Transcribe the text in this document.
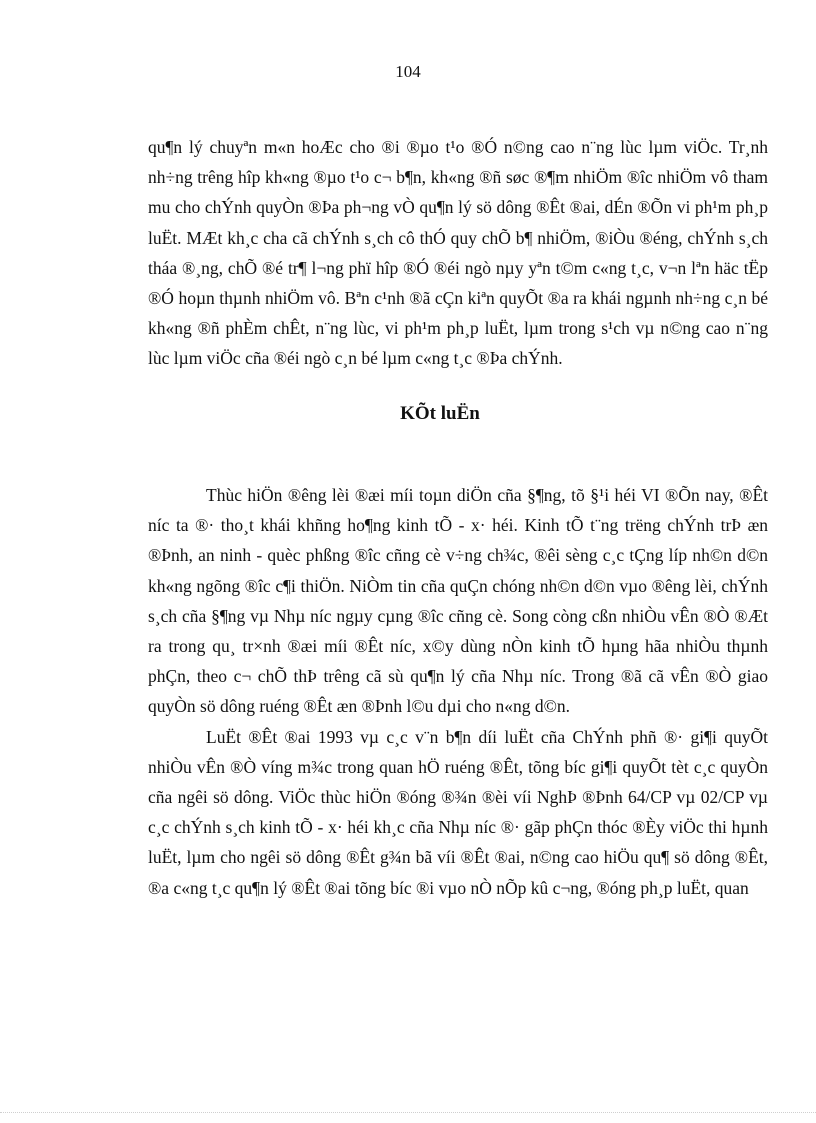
104

qu¶n lý chuyªn m«n hoÆc cho ®i ®µo t¹o ®Ó n©ng cao n¨ng lùc lµm viÖc. Tr¸nh nh÷ng trêng hîp kh«ng ®µo t¹o c¬ b¶n, kh«ng ®ñ søc ®¶m nhiÖm ®îc nhiÖm vô tham mu cho chÝnh quyÒn ®Þa ph¬ng vÒ qu¶n lý sö dông ®Êt ®ai, dÉn ®Õn vi ph¹m ph¸p luËt. MÆt kh¸c cha cã chÝnh s¸ch cô thÓ quy chÕ b¶ nhiÖm, ®iÒu ®éng, chÝnh s¸ch tháa ®¸ng, chÕ ®é tr¶ l¬ng phï hîp ®Ó ®éi ngò nµy yªn t©m c«ng t¸c, v¬n lªn häc tËp ®Ó hoµn thµnh nhiÖm vô. Bªn c¹nh ®ã cÇn kiªn quyÕt ®a ra khái ngµnh nh÷ng c¸n bé kh«ng ®ñ phÈm chÊt, n¨ng lùc, vi ph¹m ph¸p luËt, lµm trong s¹ch vµ n©ng cao n¨ng lùc lµm viÖc cña ®éi ngò c¸n bé lµm c«ng t¸c ®Þa chÝnh.

KÕt luËn

Thùc hiÖn ®êng lèi ®æi míi toµn diÖn cña §¶ng, tõ §¹i héi VI ®Õn nay, ®Êt níc ta ®· tho¸t khái khñng ho¶ng kinh tÕ - x· héi. Kinh tÕ t¨ng trëng chÝnh trÞ æn ®Þnh, an ninh - quèc phßng ®îc cñng cè v÷ng ch¾c, ®êi sèng c¸c tÇng líp nh©n d©n kh«ng ngõng ®îc c¶i thiÖn. NiÒm tin cña quÇn chóng nh©n d©n vµo ®êng lèi, chÝnh s¸ch cña §¶ng vµ Nhµ níc ngµy cµng ®îc cñng cè. Song còng cßn nhiÒu vÊn ®Ò ®Æt ra trong qu¸ tr×nh ®æi míi ®Êt níc, x©y dùng nÒn kinh tÕ hµng hãa nhiÒu thµnh phÇn, theo c¬ chÕ thÞ trêng cã sù qu¶n lý cña Nhµ níc. Trong ®ã cã vÊn ®Ò giao quyÒn sö dông ruéng ®Êt æn ®Þnh l©u dµi cho n«ng d©n.

LuËt ®Êt ®ai 1993 vµ c¸c v¨n b¶n díi luËt cña ChÝnh phñ ®· gi¶i quyÕt nhiÒu vÊn ®Ò víng m¾c trong quan hÖ ruéng ®Êt, tõng bíc gi¶i quyÕt tèt c¸c quyÒn cña ngêi sö dông. ViÖc thùc hiÖn ®óng ®¾n ®èi víi NghÞ ®Þnh 64/CP vµ 02/CP vµ c¸c chÝnh s¸ch kinh tÕ - x· héi kh¸c cña Nhµ níc ®· gãp phÇn thóc ®Èy viÖc thi hµnh luËt, lµm cho ngêi sö dông ®Êt g¾n bã víi ®Êt ®ai, n©ng cao hiÖu qu¶ sö dông ®Êt, ®a c«ng t¸c qu¶n lý ®Êt ®ai tõng bíc ®i vµo nÒ nÕp kû c¬ng, ®óng ph¸p luËt, quan
